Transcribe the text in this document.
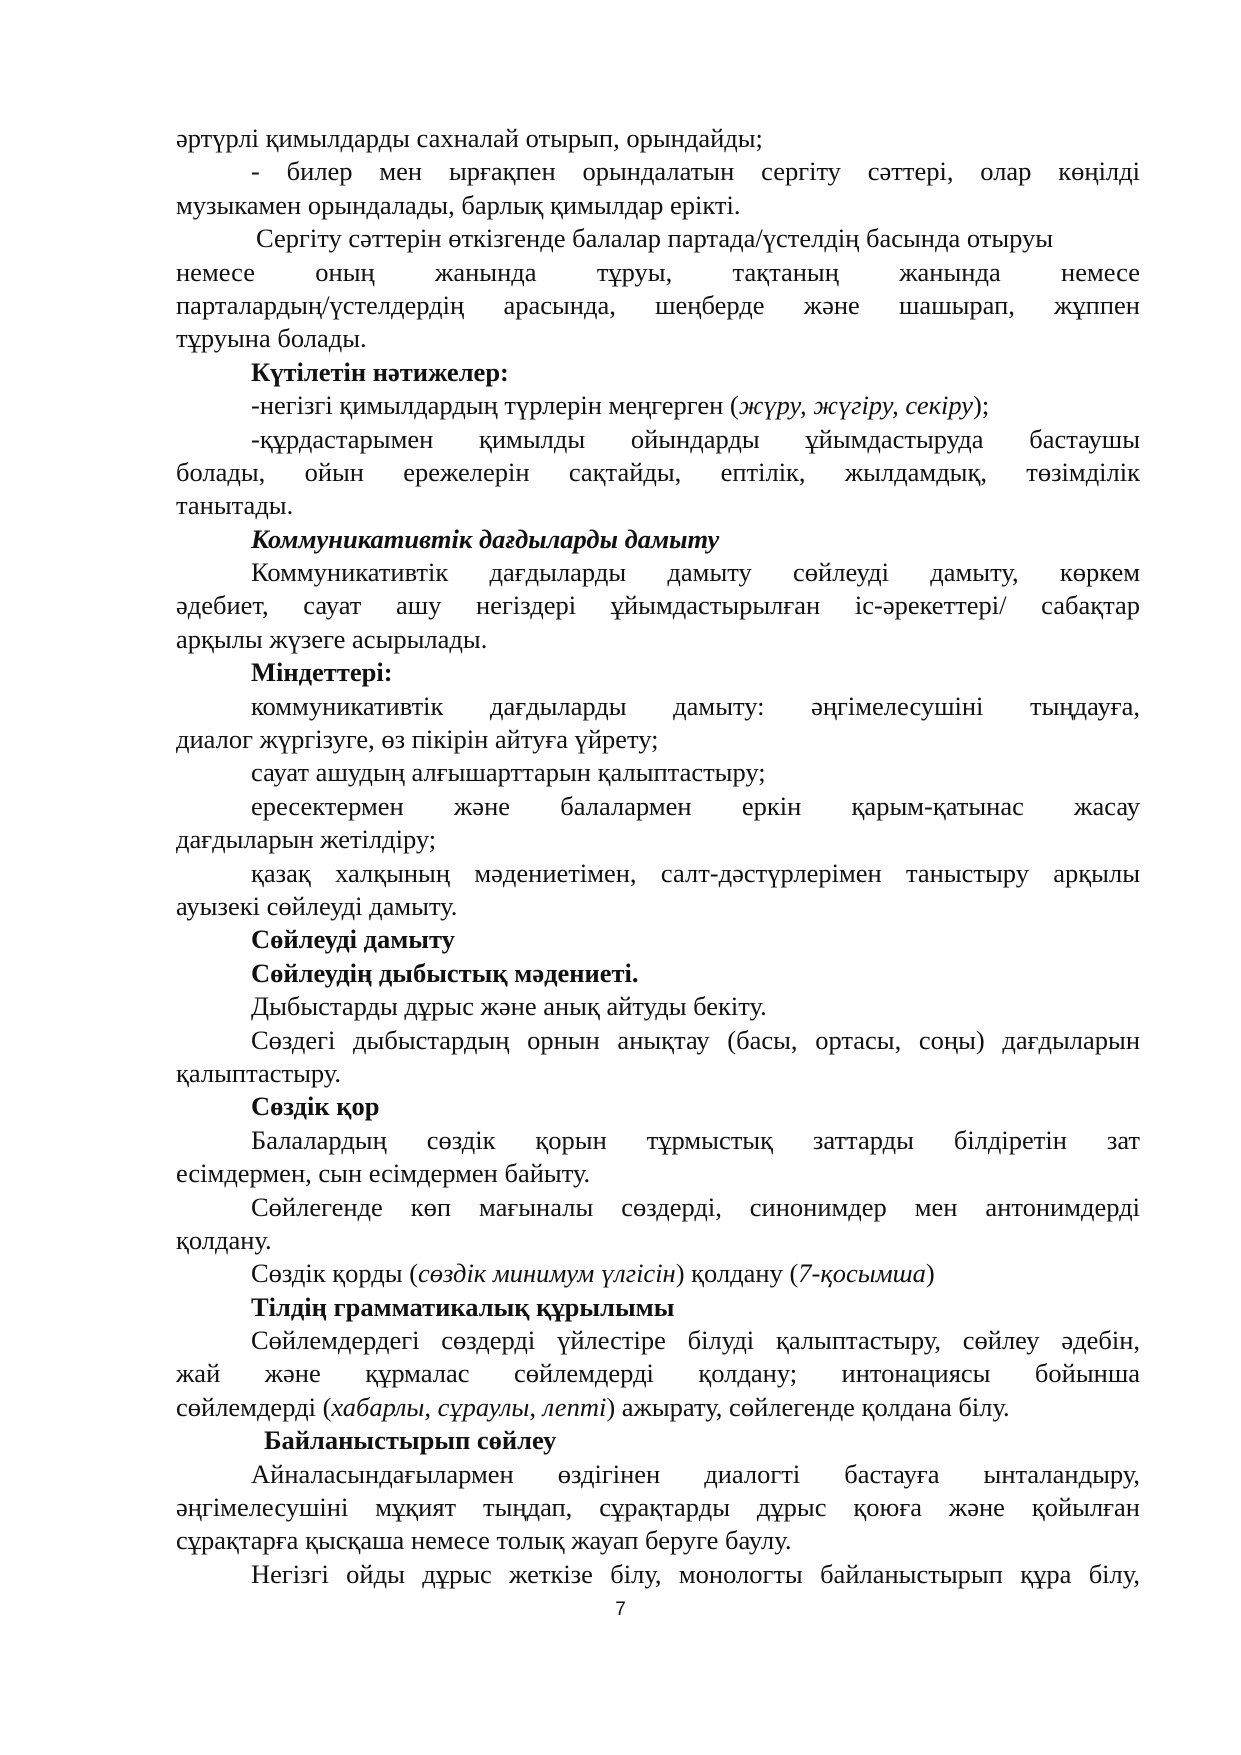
әртүрлі қимылдарды сахналай отырып, орындайды;
- билер мен ырғақпен орындалатын сергіту сәттері, олар көңілді
музыкамен орындалады, барлық қимылдар ерікті.
Сергіту сәттерін өткізгенде балалар партада/үстелдің басында отыруы
немесе оның жанында тұруы, тақтаның жанында немесе
парталардың/үстелдердің арасында, шеңберде және шашырап, жұппен
тұруына болады.
Күтілетін нәтижелер:
-негізгі қимылдардың түрлерін меңгерген (жүру, жүгіру, секіру);
-құрдастарымен қимылды ойындарды ұйымдастыруда бастаушы
болады, ойын ережелерін сақтайды, ептілік, жылдамдық, төзімділік
танытады.
Коммуникативтік дағдыларды дамыту
Коммуникативтік дағдыларды дамыту сөйлеуді дамыту, көркем
әдебиет, сауат ашу негіздері ұйымдастырылған іс-әрекеттері/ сабақтар
арқылы жүзеге асырылады.
Міндеттері:
коммуникативтік дағдыларды дамыту: әңгімелесушіні тыңдауға,
диалог жүргізуге, өз пікірін айтуға үйрету;
сауат ашудың алғышарттарын қалыптастыру;
ересектермен және балалармен еркін қарым-қатынас жасау
дағдыларын жетілдіру;
қазақ халқының мәдениетімен, салт-дәстүрлерімен таныстыру арқылы
ауызекі сөйлеуді дамыту.
Сөйлеуді дамыту
Сөйлеудің дыбыстық мәдениеті.
Дыбыстарды дұрыс және анық айтуды бекіту.
Сөздегі дыбыстардың орнын анықтау (басы, ортасы, соңы) дағдыларын
қалыптастыру.
Сөздік қор
Балалардың сөздік қорын тұрмыстық заттарды білдіретін зат
есімдермен, сын есімдермен байыту.
Сөйлегенде көп мағыналы сөздерді, синонимдер мен антонимдерді
қолдану.
Сөздік қорды (сөздік минимум үлгісін) қолдану (7-қосымша)
Тілдің грамматикалық құрылымы
Сөйлемдердегі сөздерді үйлестіре білуді қалыптастыру, сөйлеу әдебін,
жай және құрмалас сөйлемдерді қолдану; интонациясы бойынша
сөйлемдерді (хабарлы, сұраулы, лепті) ажырату, сөйлегенде қолдана білу.
Байланыстырып сөйлеу
Айналасындағылармен өздігінен диалогті бастауға ынталандыру,
әңгімелесушіні мұқият тыңдап, сұрақтарды дұрыс қоюға және қойылған
сұрақтарға қысқаша немесе толық жауап беруге баулу.
Негізгі ойды дұрыс жеткізе білу, монологты байланыстырып құра білу,
7
